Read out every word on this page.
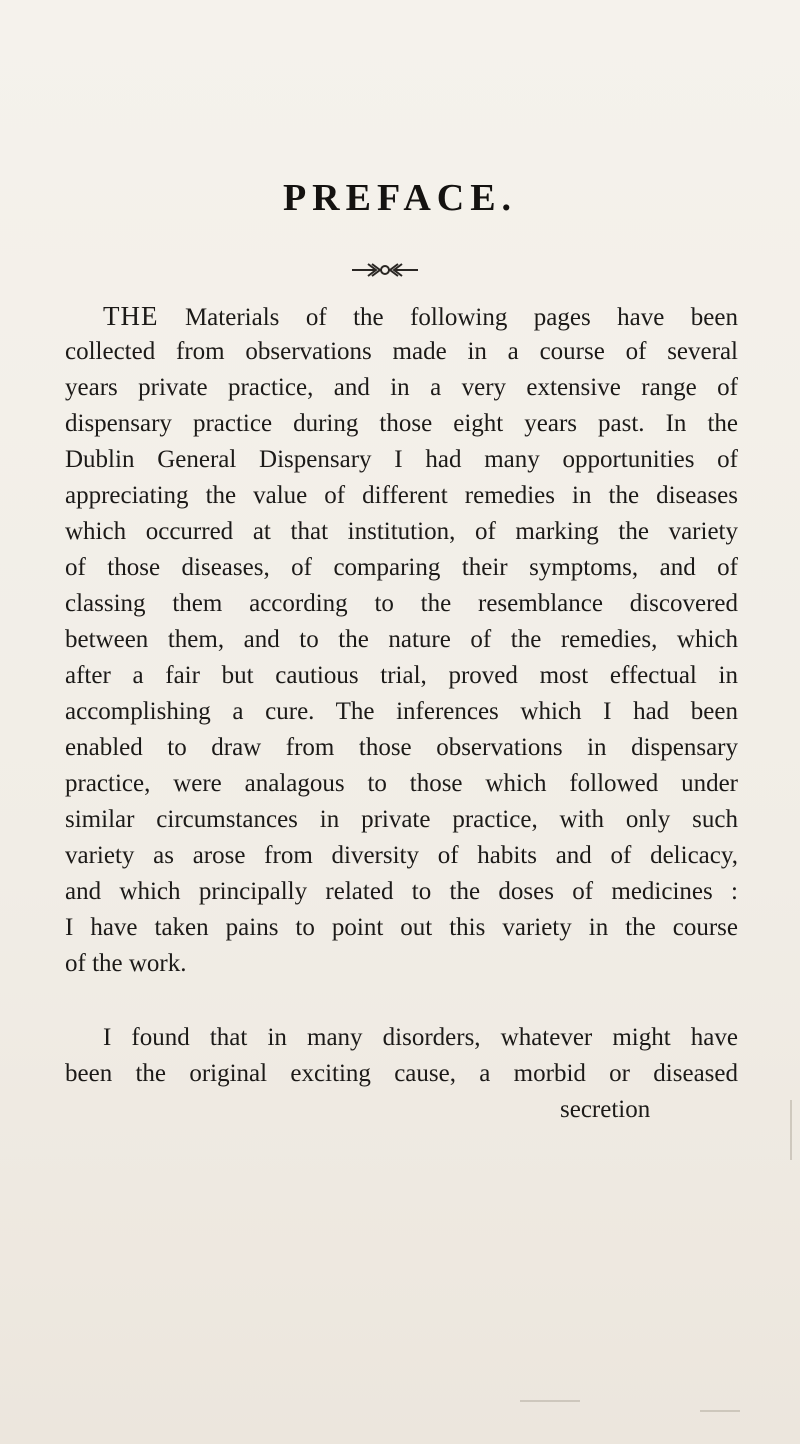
PREFACE.
THE Materials of the following pages have been
collected from observations made in a course of several
years private practice, and in a very extensive range of
dispensary practice during those eight years past. In the
Dublin General Dispensary I had many opportunities of
appreciating the value of different remedies in the diseases
which occurred at that institution, of marking the variety
of those diseases, of comparing their symptoms, and of
classing them according to the resemblance discovered
between them, and to the nature of the remedies, which
after a fair but cautious trial, proved most effectual in
accomplishing a cure. The inferences which I had been
enabled to draw from those observations in dispensary
practice, were analagous to those which followed under
similar circumstances in private practice, with only such
variety as arose from diversity of habits and of delicacy,
and which principally related to the doses of medicines :
I have taken pains to point out this variety in the course
of the work.
I found that in many disorders, whatever might have
been the original exciting cause, a morbid or diseased
secretion
